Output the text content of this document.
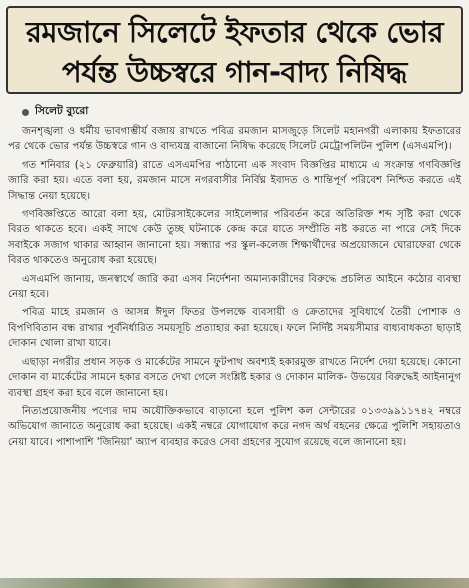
রমজানে সিলেটে ইফতার থেকে ভোর
পর্যন্ত উচ্চস্বরে গান-বাদ্য নিষিদ্ধ
সিলেট ব্যুরো

জনশৃঙ্খলা ও ধর্মীয় ভাবগাম্ভীর্য বজায় রাখতে পবিত্র রমজান মাসজুড়ে সিলেট মহানগরী এলাকায় ইফতারের পর থেকে ভোর পর্যন্ত উচ্চস্বরে গান ও বাদ্যযন্ত্র বাজানো নিষিদ্ধ করেছে সিলেট মেট্রোপলিটন পুলিশ (এসএমপি)।

গত শনিবার (২১ ফেব্রুয়ারি) রাতে এসএমপির পাঠানো এক সংবাদ বিজ্ঞপ্তির মাধ্যমে এ সংক্রান্ত গণবিজ্ঞপ্তি জারি করা হয়। এতে বলা হয়, রমজান মাসে নগরবাসীর নির্বিঘ্ন ইবাদত ও শান্তিপূর্ণ পরিবেশ নিশ্চিত করতে এই সিদ্ধান্ত নেয়া হয়েছে।

গণবিজ্ঞপ্তিতে আরো বলা হয়, মোটরসাইকেলের সাইলেন্সার পরিবর্তন করে অতিরিক্ত শব্দ সৃষ্টি করা থেকে বিরত থাকতে হবে। একই সাথে কেউ তুচ্ছ ঘটনাকে কেন্দ্র করে যাতে সম্প্রীতি নষ্ট করতে না পারে সেই দিকে সবাইকে সজাগ থাকার আহ্বান জানানো হয়। সন্ধ্যার পর স্কুল-কলেজ শিক্ষার্থীদের অপ্রয়োজনে ঘোরাফেরা থেকে বিরত থাকতেও অনুরোধ করা হয়েছে।

এসএমপি জানায়, জনস্বার্থে জারি করা এসব নির্দেশনা অমান্যকারীদের বিরুদ্ধে প্রচলিত আইনে কঠোর ব্যবস্থা নেয়া হবে।

পবিত্র মাহে রমজান ও আসন্ন ঈদুল ফিতর উপলক্ষে ব্যবসায়ী ও ক্রেতাদের সুবিধার্থে তৈরী পোশাক ও বিপণিবিতান বন্ধ রাখার পূর্বনির্ধারিত সময়সূচি প্রত্যাহার করা হয়েছে। ফলে নির্দিষ্ট সময়সীমার বাধ্যবাধকতা ছাড়াই দোকান খোলা রাখা যাবে।

এছাড়া নগরীর প্রধান সড়ক ও মার্কেটের সামনে ফুটপাথ অবশ্যই হকারমুক্ত রাখতে নির্দেশ দেয়া হয়েছে। কোনো দোকান বা মার্কেটের সামনে হকার বসতে দেখা গেলে সংশ্লিষ্ট হকার ও দোকান মালিক- উভয়ের বিরুদ্ধেই আইনানুগ ব্যবস্থা গ্রহণ করা হবে বলে জানানো হয়।

নিত্যপ্রয়োজনীয় পণ্যের দাম অযৌক্তিকভাবে বাড়ানো হলে পুলিশ কল সেন্টারের ০১৩৩৯৯১১৭৪২ নম্বরে অভিযোগ জানাতে অনুরোধ করা হয়েছে। একই নম্বরে যোগাযোগ করে নগদ অর্থ বহনের ক্ষেত্রে পুলিশি সহায়তাও নেয়া যাবে। পাশাপাশি 'জিনিয়া' অ্যাপ ব্যবহার করেও সেবা গ্রহণের সুযোগ রয়েছে বলে জানানো হয়।
